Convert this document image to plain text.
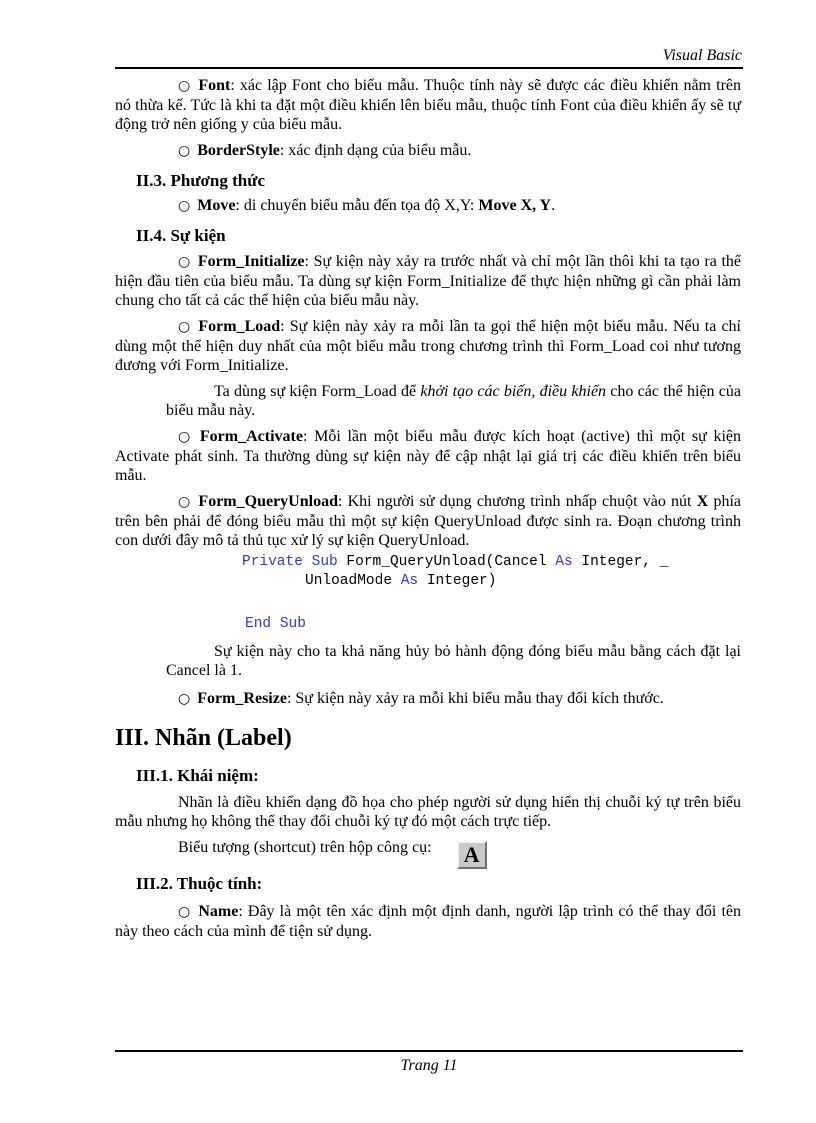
Visual Basic

○ Font: xác lập Font cho biểu mẫu. Thuộc tính này sẽ được các điều khiển nằm trên nó thừa kế. Tức là khi ta đặt một điều khiển lên biểu mẫu, thuộc tính Font của điều khiển ấy sẽ tự động trở nên giống y của biểu mẫu.

○ BorderStyle: xác định dạng của biểu mẫu.

II.3. Phương thức

○ Move: di chuyển biểu mẫu đến tọa độ X,Y: Move X, Y.

II.4. Sự kiện

○ Form_Initialize: Sự kiện này xảy ra trước nhất và chỉ một lần thôi khi ta tạo ra thể hiện đầu tiên của biểu mẫu. Ta dùng sự kiện Form_Initialize để thực hiện những gì cần phải làm chung cho tất cả các thể hiện của biểu mẫu này.

○ Form_Load: Sự kiện này xảy ra mỗi lần ta gọi thể hiện một biểu mẫu. Nếu ta chỉ dùng một thể hiện duy nhất của một biểu mẫu trong chương trình thì Form_Load coi như tương đương với Form_Initialize.

Ta dùng sự kiện Form_Load để khởi tạo các biến, điều khiển cho các thể hiện của biểu mẫu này.

○ Form_Activate: Mỗi lần một biểu mẫu được kích hoạt (active) thì một sự kiện Activate phát sinh. Ta thường dùng sự kiện này để cập nhật lại giá trị các điều khiển trên biểu mẫu.

○ Form_QueryUnload: Khi người sử dụng chương trình nhấp chuột vào nút X phía trên bên phải để đóng biểu mẫu thì một sự kiện QueryUnload được sinh ra. Đoạn chương trình con dưới đây mô tả thủ tục xử lý sự kiện QueryUnload.

Private Sub Form_QueryUnload(Cancel As Integer, _

UnloadMode As Integer)

End Sub

Sự kiện này cho ta khả năng hủy bỏ hành động đóng biểu mẫu bằng cách đặt lại Cancel là 1.

○ Form_Resize: Sự kiện này xảy ra mỗi khi biểu mẫu thay đổi kích thước.

III. Nhãn (Label)

III.1. Khái niệm:

Nhãn là điều khiển dạng đồ họa cho phép người sử dụng hiển thị chuỗi ký tự trên biểu mẫu nhưng họ không thể thay đổi chuỗi ký tự đó một cách trực tiếp.

Biểu tượng (shortcut) trên hộp công cụ:	A

III.2. Thuộc tính:

○ Name: Đây là một tên xác định một định danh, người lập trình có thể thay đổi tên này theo cách của mình để tiện sử dụng.

Trang 11
